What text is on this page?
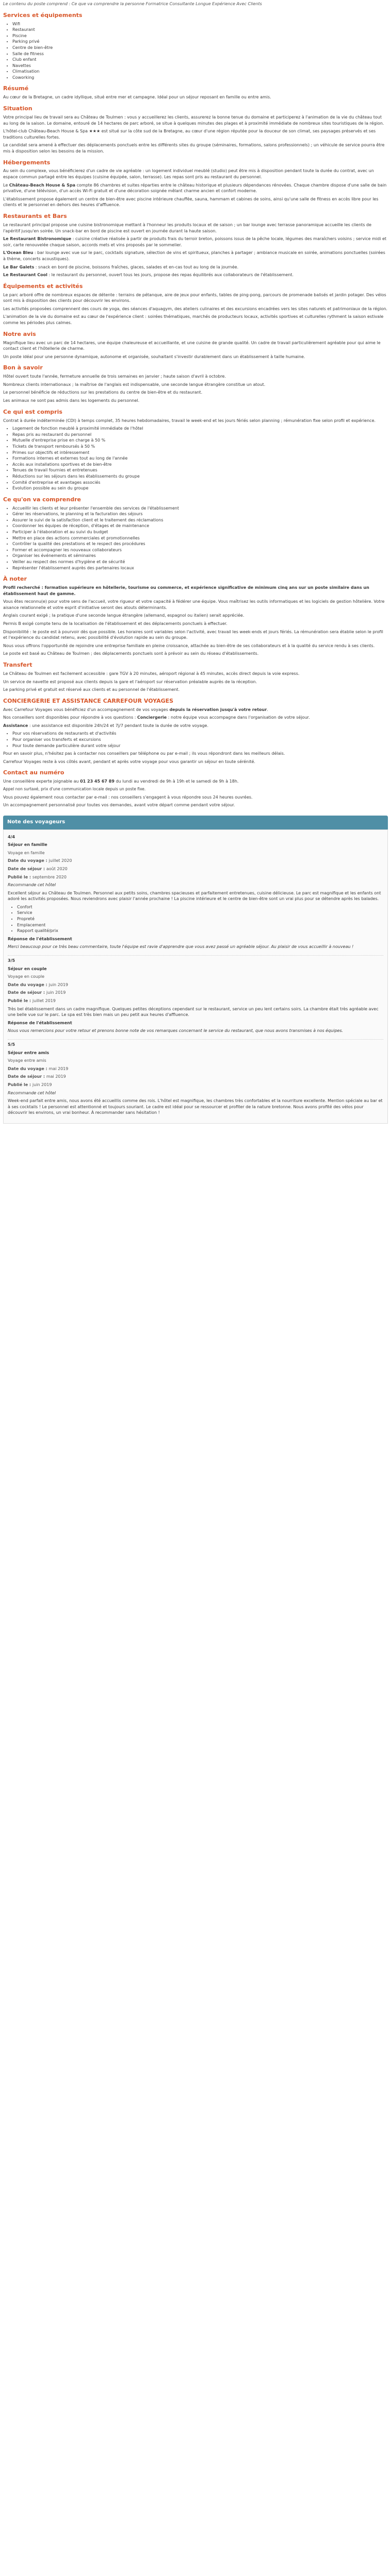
Le contenu du poste comprend : Ce que va comprendre la personne Formatrice Consultante Longue Expérience Avec Clients

Services et équipements
• Wifi
• Restaurant
• Piscine
• Parking privé
• Centre de bien-être
• Salle de fitness
• Club enfant
• Navettes
• Climatisation
• Coworking
Résumé

Au cœur de la Bretagne, un cadre idyllique, situé entre mer et campagne. Idéal pour un séjour reposant en famille ou entre amis.

Situation

Votre principal lieu de travail sera au Château de Toulmen : vous y accueillerez les clients, assurerez la bonne tenue du domaine et participerez à l'animation de la vie du château tout au long de la saison. Le domaine, entouré de 14 hectares de parc arboré, se situe à quelques minutes des plages et à proximité immédiate de nombreux sites touristiques de la région.

L'hôtel-club Château-Beach House & Spa ★★★ est situé sur la côte sud de la Bretagne, au cœur d'une région réputée pour la douceur de son climat, ses paysages préservés et ses traditions culturelles fortes.

Le candidat sera amené à effectuer des déplacements ponctuels entre les différents sites du groupe (séminaires, formations, salons professionnels) ; un véhicule de service pourra être mis à disposition selon les besoins de la mission.

Hébergements

Au sein du complexe, vous bénéficierez d'un cadre de vie agréable : un logement individuel meublé (studio) peut être mis à disposition pendant toute la durée du contrat, avec un espace commun partagé entre les équipes (cuisine équipée, salon, terrasse). Les repas sont pris au restaurant du personnel.

Le Château-Beach House & Spa compte 86 chambres et suites réparties entre le château historique et plusieurs dépendances rénovées. Chaque chambre dispose d'une salle de bain privative, d'une télévision, d'un accès Wi-Fi gratuit et d'une décoration soignée mêlant charme ancien et confort moderne.

L'établissement propose également un centre de bien-être avec piscine intérieure chauffée, sauna, hammam et cabines de soins, ainsi qu'une salle de fitness en accès libre pour les clients et le personnel en dehors des heures d'affluence.

Restaurants et Bars

Le restaurant principal propose une cuisine bistronomique mettant à l'honneur les produits locaux et de saison ; un bar lounge avec terrasse panoramique accueille les clients de l'apéritif jusqu'en soirée. Un snack-bar en bord de piscine est ouvert en journée durant la haute saison.

Le Restaurant Bistronomique : cuisine créative réalisée à partir de produits frais du terroir breton, poissons issus de la pêche locale, légumes des maraîchers voisins ; service midi et soir, carte renouvelée chaque saison, accords mets et vins proposés par le sommelier.

L'Ocean Bleu : bar lounge avec vue sur le parc, cocktails signature, sélection de vins et spiritueux, planches à partager ; ambiance musicale en soirée, animations ponctuelles (soirées à thème, concerts acoustiques).

Le Bar Galets : snack en bord de piscine, boissons fraîches, glaces, salades et en-cas tout au long de la journée.

Le Restaurant Cool : le restaurant du personnel, ouvert tous les jours, propose des repas équilibrés aux collaborateurs de l'établissement.

Équipements et activités

Le parc arboré offre de nombreux espaces de détente : terrains de pétanque, aire de jeux pour enfants, tables de ping-pong, parcours de promenade balisés et jardin potager. Des vélos sont mis à disposition des clients pour découvrir les environs.

Les activités proposées comprennent des cours de yoga, des séances d'aquagym, des ateliers culinaires et des excursions encadrées vers les sites naturels et patrimoniaux de la région.

L'animation de la vie du domaine est au cœur de l'expérience client : soirées thématiques, marchés de producteurs locaux, activités sportives et culturelles rythment la saison estivale comme les périodes plus calmes.

Notre avis

Magnifique lieu avec un parc de 14 hectares, une équipe chaleureuse et accueillante, et une cuisine de grande qualité. Un cadre de travail particulièrement agréable pour qui aime le contact client et l'hôtellerie de charme.

Un poste idéal pour une personne dynamique, autonome et organisée, souhaitant s'investir durablement dans un établissement à taille humaine.

Bon à savoir

Hôtel ouvert toute l'année, fermeture annuelle de trois semaines en janvier ; haute saison d'avril à octobre.

Nombreux clients internationaux ; la maîtrise de l'anglais est indispensable, une seconde langue étrangère constitue un atout.

Le personnel bénéficie de réductions sur les prestations du centre de bien-être et du restaurant.

Les animaux ne sont pas admis dans les logements du personnel.

Ce qui est compris

Contrat à durée indéterminée (CDI) à temps complet, 35 heures hebdomadaires, travail le week-end et les jours fériés selon planning ; rémunération fixe selon profil et expérience.

• Logement de fonction meublé à proximité immédiate de l'hôtel
• Repas pris au restaurant du personnel
• Mutuelle d'entreprise prise en charge à 50 %
• Tickets de transport remboursés à 50 %
• Primes sur objectifs et intéressement
• Formations internes et externes tout au long de l'année
• Accès aux installations sportives et de bien-être
• Tenues de travail fournies et entretenues
• Réductions sur les séjours dans les établissements du groupe
• Comité d'entreprise et avantages associés
• Évolution possible au sein du groupe
Ce qu'on va comprendre
• Accueillir les clients et leur présenter l'ensemble des services de l'établissement
• Gérer les réservations, le planning et la facturation des séjours
• Assurer le suivi de la satisfaction client et le traitement des réclamations
• Coordonner les équipes de réception, d'étages et de maintenance
• Participer à l'élaboration et au suivi du budget
• Mettre en place des actions commerciales et promotionnelles
• Contrôler la qualité des prestations et le respect des procédures
• Former et accompagner les nouveaux collaborateurs
• Organiser les événements et séminaires
• Veiller au respect des normes d'hygiène et de sécurité
• Représenter l'établissement auprès des partenaires locaux
À noter

Profil recherché : formation supérieure en hôtellerie, tourisme ou commerce, et expérience significative de minimum cinq ans sur un poste similaire dans un établissement haut de gamme.

Vous êtes reconnu(e) pour votre sens de l'accueil, votre rigueur et votre capacité à fédérer une équipe. Vous maîtrisez les outils informatiques et les logiciels de gestion hôtelière. Votre aisance relationnelle et votre esprit d'initiative seront des atouts déterminants.

Anglais courant exigé ; la pratique d'une seconde langue étrangère (allemand, espagnol ou italien) serait appréciée.

Permis B exigé compte tenu de la localisation de l'établissement et des déplacements ponctuels à effectuer.

Disponibilité : le poste est à pourvoir dès que possible. Les horaires sont variables selon l'activité, avec travail les week-ends et jours fériés. La rémunération sera établie selon le profil et l'expérience du candidat retenu, avec possibilité d'évolution rapide au sein du groupe.

Nous vous offrons l'opportunité de rejoindre une entreprise familiale en pleine croissance, attachée au bien-être de ses collaborateurs et à la qualité du service rendu à ses clients.

Le poste est basé au Château de Toulmen ; des déplacements ponctuels sont à prévoir au sein du réseau d'établissements.

Transfert

Le Château de Toulmen est facilement accessible : gare TGV à 20 minutes, aéroport régional à 45 minutes, accès direct depuis la voie express.

Un service de navette est proposé aux clients depuis la gare et l'aéroport sur réservation préalable auprès de la réception.

Le parking privé et gratuit est réservé aux clients et au personnel de l'établissement.

CONCIERGERIE ET ASSISTANCE CARREFOUR VOYAGES

Avec Carrefour Voyages vous bénéficiez d'un accompagnement de vos voyages depuis la réservation jusqu'à votre retour.

Nos conseillers sont disponibles pour répondre à vos questions : Conciergerie : notre équipe vous accompagne dans l'organisation de votre séjour.

Assistance : une assistance est disponible 24h/24 et 7j/7 pendant toute la durée de votre voyage.

• Pour vos réservations de restaurants et d'activités
• Pour organiser vos transferts et excursions
• Pour toute demande particulière durant votre séjour

Pour en savoir plus, n'hésitez pas à contacter nos conseillers par téléphone ou par e-mail ; ils vous répondront dans les meilleurs délais.

Carrefour Voyages reste à vos côtés avant, pendant et après votre voyage pour vous garantir un séjour en toute sérénité.

Contact au numéro

Une conseillère experte joignable au 01 23 45 67 89 du lundi au vendredi de 9h à 19h et le samedi de 9h à 18h.

Appel non surtaxé, prix d'une communication locale depuis un poste fixe.

Vous pouvez également nous contacter par e-mail : nos conseillers s'engagent à vous répondre sous 24 heures ouvrées.

Un accompagnement personnalisé pour toutes vos demandes, avant votre départ comme pendant votre séjour.

Note des voyageurs

4/4

Séjour en famille

Voyage en famille

Date du voyage : juillet 2020

Date de séjour : août 2020

Publié le : septembre 2020

Recommande cet hôtel

Excellent séjour au Château de Toulmen. Personnel aux petits soins, chambres spacieuses et parfaitement entretenues, cuisine délicieuse. Le parc est magnifique et les enfants ont adoré les activités proposées. Nous reviendrons avec plaisir l'année prochaine ! La piscine intérieure et le centre de bien-être sont un vrai plus pour se détendre après les balades.

• Confort
• Service
• Propreté
• Emplacement
• Rapport qualité/prix

Réponse de l'établissement

Merci beaucoup pour ce très beau commentaire, toute l'équipe est ravie d'apprendre que vous avez passé un agréable séjour. Au plaisir de vous accueillir à nouveau !

3/5

Séjour en couple

Voyage en couple

Date du voyage : juin 2019

Date de séjour : juin 2019

Publié le : juillet 2019

Très bel établissement dans un cadre magnifique. Quelques petites déceptions cependant sur le restaurant, service un peu lent certains soirs. La chambre était très agréable avec une belle vue sur le parc. Le spa est très bien mais un peu petit aux heures d'affluence.

Réponse de l'établissement

Nous vous remercions pour votre retour et prenons bonne note de vos remarques concernant le service du restaurant, que nous avons transmises à nos équipes.

5/5

Séjour entre amis

Voyage entre amis

Date du voyage : mai 2019

Date de séjour : mai 2019

Publié le : juin 2019

Recommande cet hôtel

Week-end parfait entre amis, nous avons été accueillis comme des rois. L'hôtel est magnifique, les chambres très confortables et la nourriture excellente. Mention spéciale au bar et à ses cocktails ! Le personnel est attentionné et toujours souriant. Le cadre est idéal pour se ressourcer et profiter de la nature bretonne. Nous avons profité des vélos pour découvrir les environs, un vrai bonheur. À recommander sans hésitation !
